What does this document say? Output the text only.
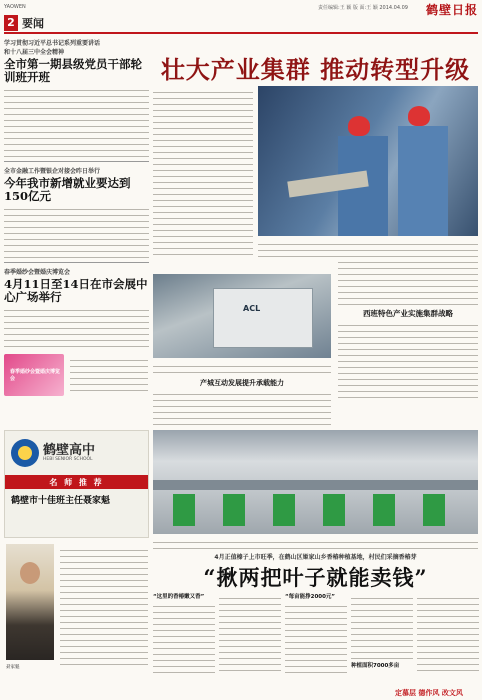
YAOWEN	责任编辑:王 颖 版 面:王 颖 2014.04.09 鹤壁日报
2 要闻
学习贯彻习近平总书记系列重要讲话
和十八届三中全会精神
全市第一期县级党员干部轮训班开班
全市金融工作暨银企对接会昨日举行
今年我市新增就业要达到150亿元
春季婚纱会暨婚庆博览会
4月11日至14日在市会展中心广场举行
春季婚纱会暨婚庆博览会
鹤壁高中
HEBI SENIOR SCHOOL
名 师 推 荐
鹤壁市十佳班主任聂家魁
聂家魁
壮大产业集群 推动转型升级
ACL
产城互动发展提升承载能力
西班特色产业实施集群战略
4月正值榛子上市旺季，在鹤山区姬家山乡香椿种植基地，村民们采摘香椿芽
“揪两把叶子就能卖钱”
“这里的香椿嫩又香”	“每亩能挣2000元”
种植面积7000多亩
定慕层 德作风 改文风
